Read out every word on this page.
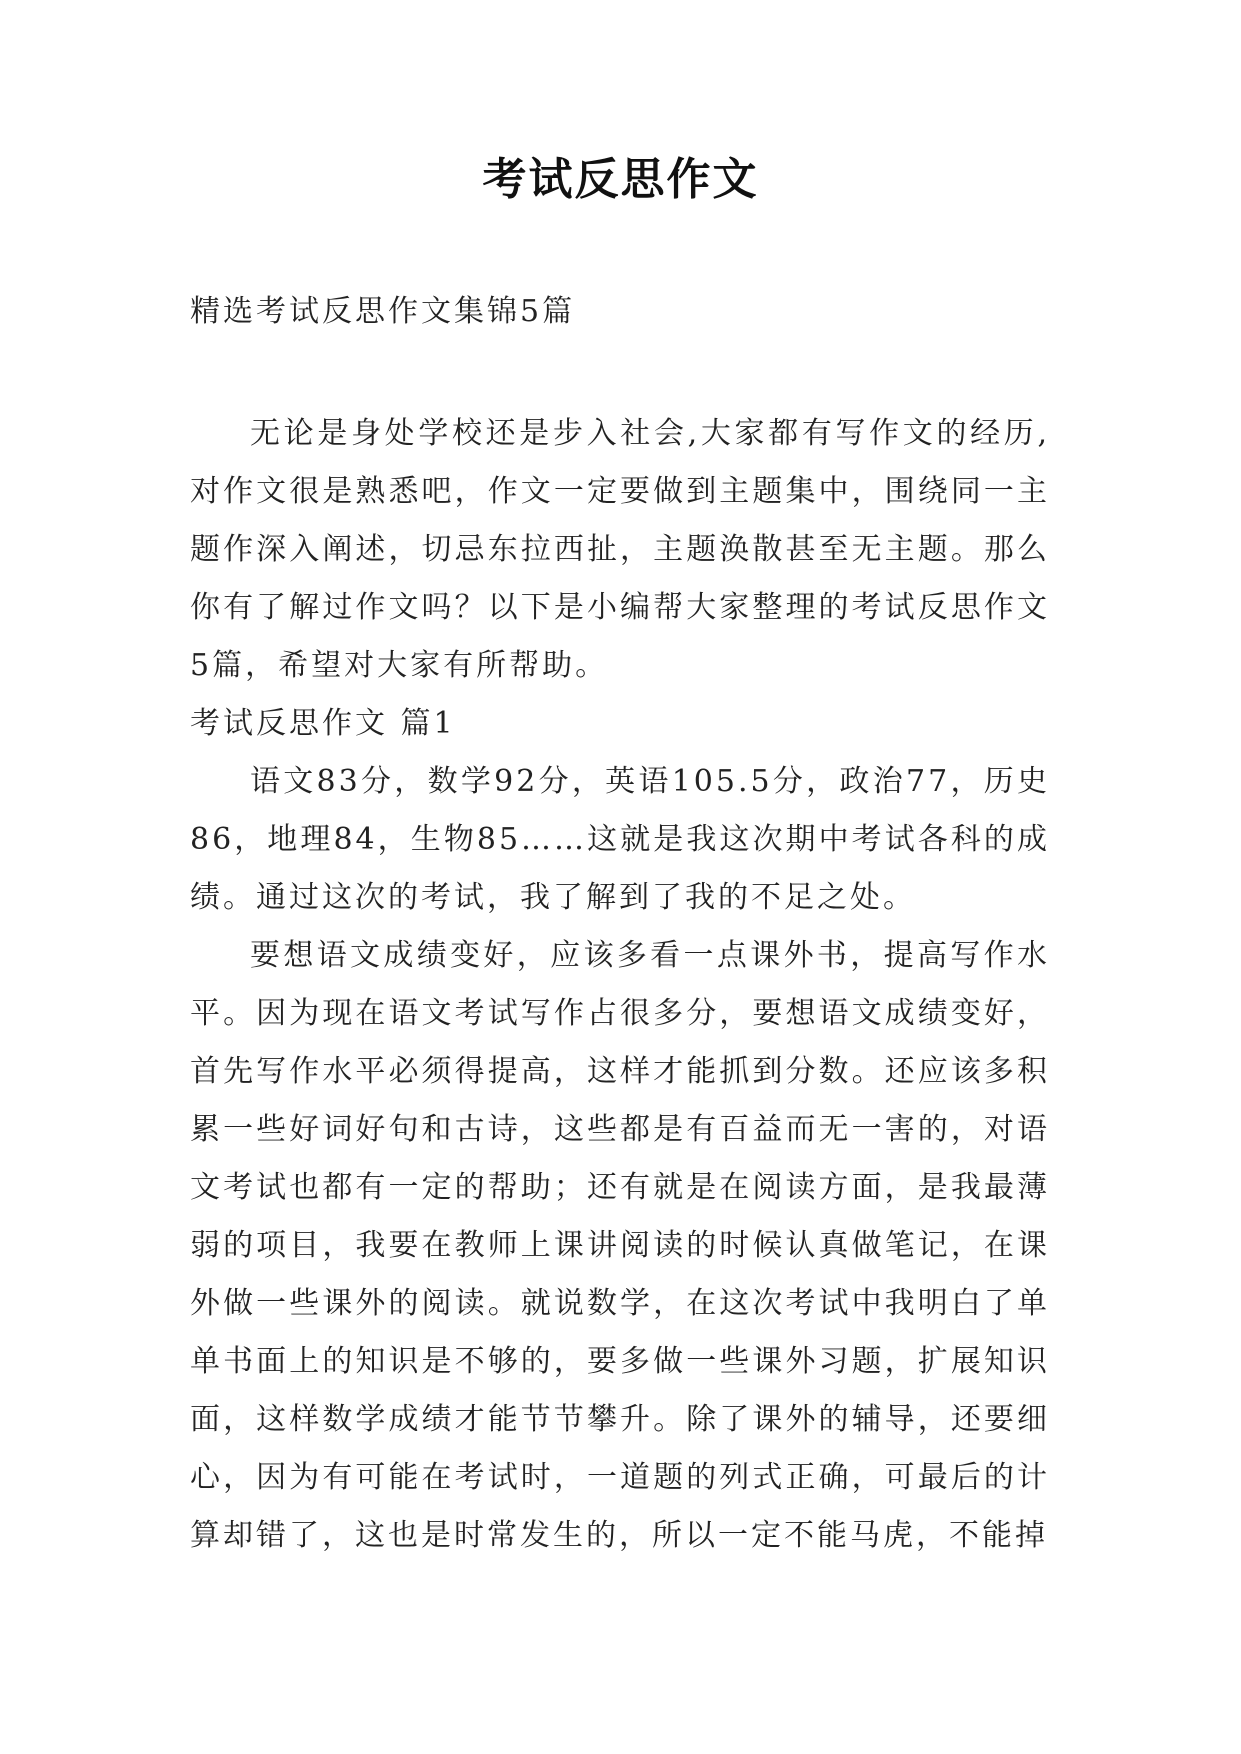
考试反思作文
精选考试反思作文集锦5篇

无论是身处学校还是步入社会,大家都有写作文的经历,对作文很是熟悉吧，作文一定要做到主题集中，围绕同一主题作深入阐述，切忌东拉西扯，主题涣散甚至无主题。那么你有了解过作文吗？以下是小编帮大家整理的考试反思作文5篇，希望对大家有所帮助。

考试反思作文 篇1

语文83分，数学92分，英语105.5分，政治77，历史86，地理84，生物85……这就是我这次期中考试各科的成绩。通过这次的考试，我了解到了我的不足之处。

要想语文成绩变好，应该多看一点课外书，提高写作水平。因为现在语文考试写作占很多分，要想语文成绩变好，首先写作水平必须得提高，这样才能抓到分数。还应该多积累一些好词好句和古诗，这些都是有百益而无一害的，对语文考试也都有一定的帮助；还有就是在阅读方面，是我最薄弱的项目，我要在教师上课讲阅读的时候认真做笔记，在课外做一些课外的阅读。就说数学，在这次考试中我明白了单单书面上的知识是不够的，要多做一些课外习题，扩展知识面，这样数学成绩才能节节攀升。除了课外的辅导，还要细心，因为有可能在考试时，一道题的列式正确，可最后的计算却错了，这也是时常发生的，所以一定不能马虎，不能掉
